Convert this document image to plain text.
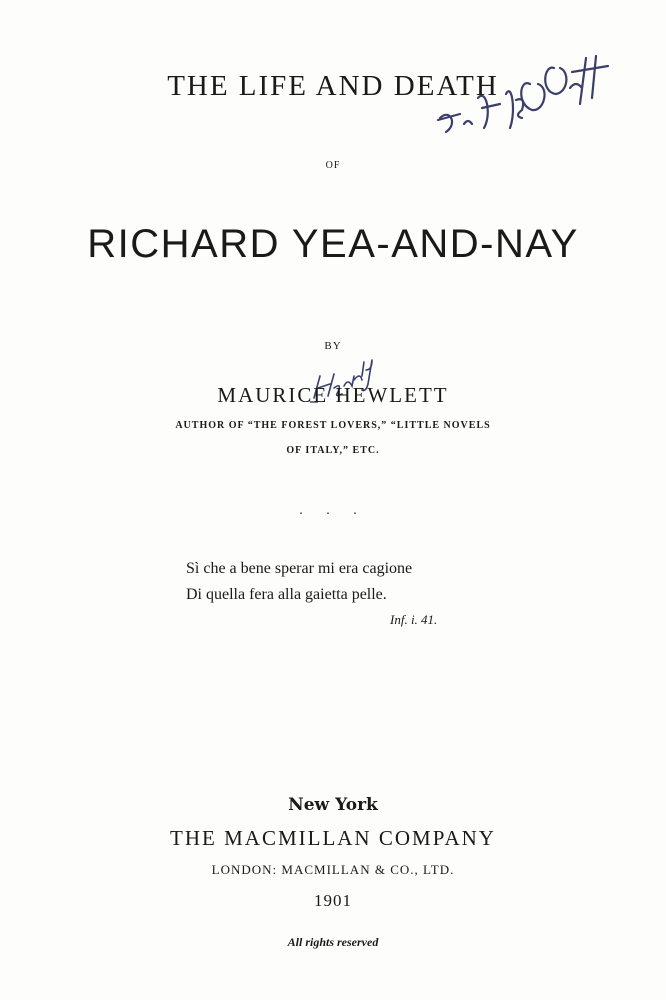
THE LIFE AND DEATH
OF
RICHARD YEA-AND-NAY
BY
MAURICE HEWLETT
AUTHOR OF “THE FOREST LOVERS,” “LITTLE NOVELS
OF ITALY,” ETC.
. . .
Sì che a bene sperar mi era cagione
Di quella fera alla gaietta pelle.
Inf. i. 41.
New York
THE MACMILLAN COMPANY
LONDON: MACMILLAN & CO., LTD.
1901
All rights reserved
